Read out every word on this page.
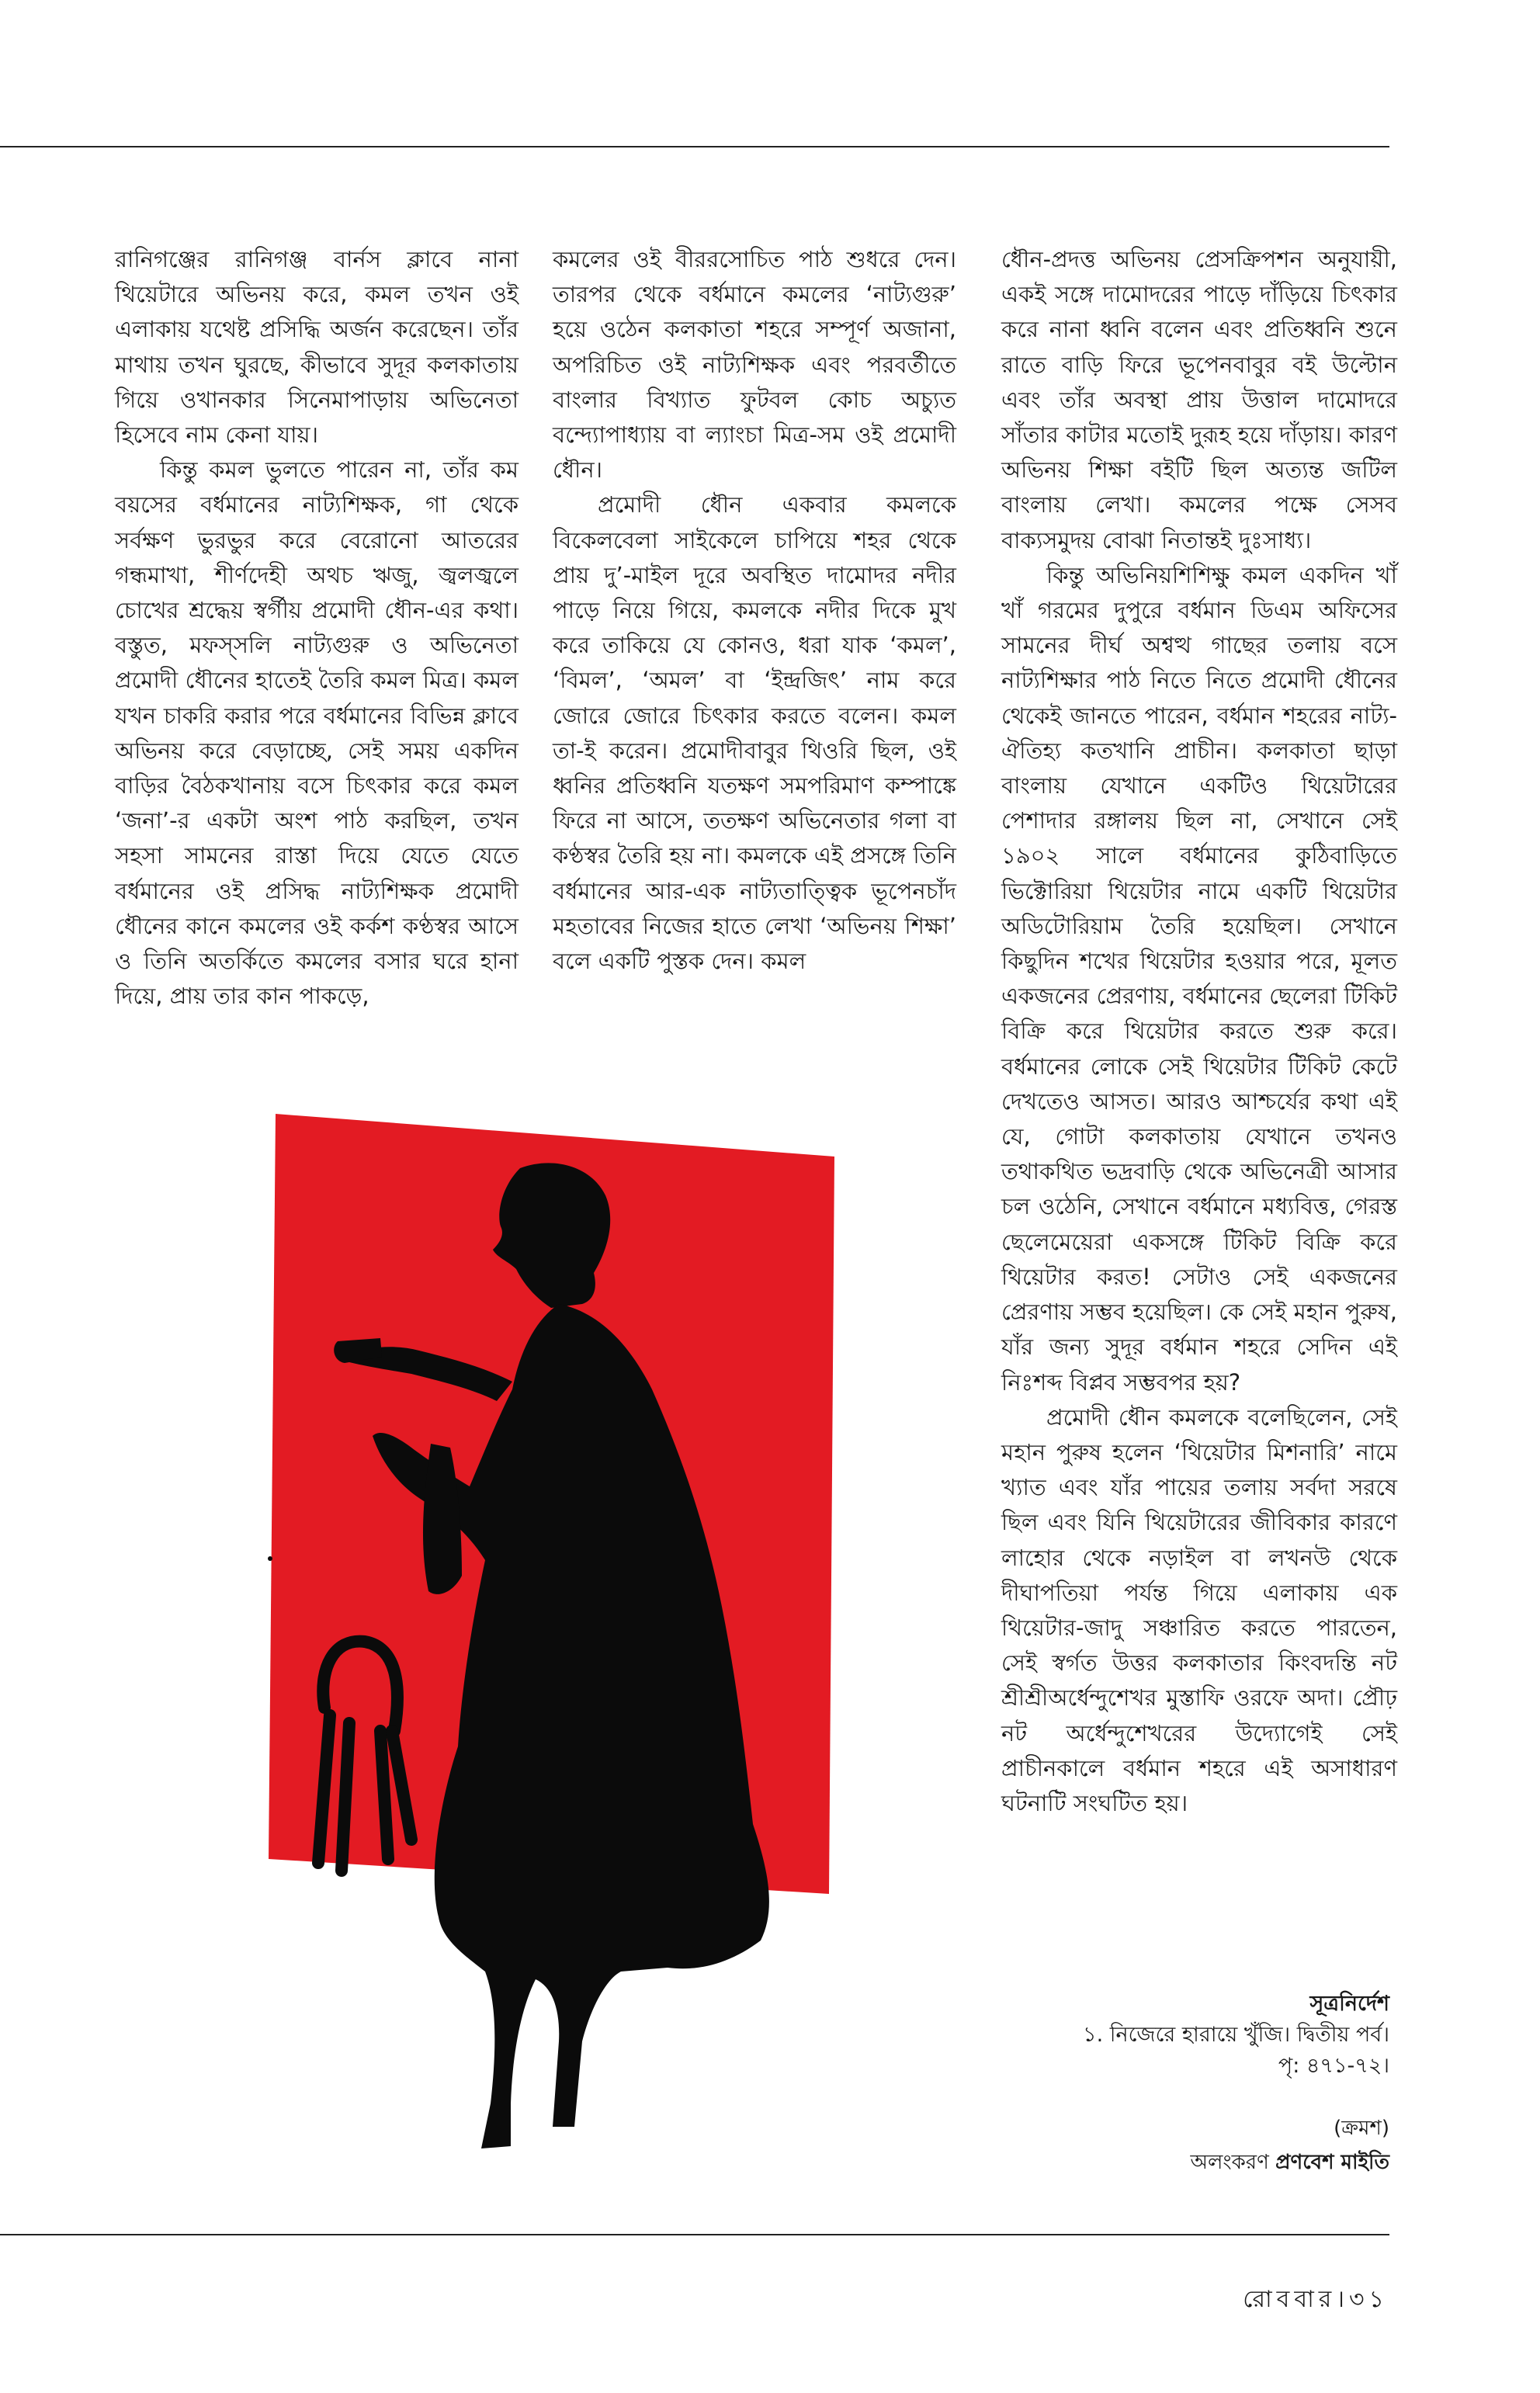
রানিগঞ্জের রানিগঞ্জ বার্নস ক্লাবে নানা থিয়েটারে অভিনয় করে, কমল তখন ওই এলাকায় যথেষ্ট প্রসিদ্ধি অর্জন করেছেন। তাঁর মাথায় তখন ঘুরছে, কীভাবে সুদূর কলকাতায় গিয়ে ওখানকার সিনেমাপাড়ায় অভিনেতা হিসেবে নাম কেনা যায়।

কিন্তু কমল ভুলতে পারেন না, তাঁর কম বয়সের বর্ধমানের নাট্যশিক্ষক, গা থেকে সর্বক্ষণ ভুরভুর করে বেরোনো আতরের গন্ধমাখা, শীর্ণদেহী অথচ ঋজু, জ্বলজ্বলে চোখের শ্রদ্ধেয় স্বর্গীয় প্রমোদী ধৌন-এর কথা। বস্তুত, মফস্সলি নাট্যগুরু ও অভিনেতা প্রমোদী ধৌনের হাতেই তৈরি কমল মিত্র। কমল যখন চাকরি করার পরে বর্ধমানের বিভিন্ন ক্লাবে অভিনয় করে বেড়াচ্ছে, সেই সময় একদিন বাড়ির বৈঠকখানায় বসে চিৎকার করে কমল ‘জনা’-র একটা অংশ পাঠ করছিল, তখন সহসা সামনের রাস্তা দিয়ে যেতে যেতে বর্ধমানের ওই প্রসিদ্ধ নাট্যশিক্ষক প্রমোদী ধৌনের কানে কমলের ওই কর্কশ কণ্ঠস্বর আসে ও তিনি অতর্কিতে কমলের বসার ঘরে হানা দিয়ে, প্রায় তার কান পাকড়ে,

কমলের ওই বীররসোচিত পাঠ শুধরে দেন। তারপর থেকে বর্ধমানে কমলের ‘নাট্যগুরু’ হয়ে ওঠেন কলকাতা শহরে সম্পূর্ণ অজানা, অপরিচিত ওই নাট্যশিক্ষক এবং পরবর্তীতে বাংলার বিখ্যাত ফুটবল কোচ অচ্যুত বন্দ্যোপাধ্যায় বা ল্যাংচা মিত্র-সম ওই প্রমোদী ধৌন।

প্রমোদী ধৌন একবার কমলকে বিকেলবেলা সাইকেলে চাপিয়ে শহর থেকে প্রায় দু’-মাইল দূরে অবস্থিত দামোদর নদীর পাড়ে নিয়ে গিয়ে, কমলকে নদীর দিকে মুখ করে তাকিয়ে যে কোনও, ধরা যাক ‘কমল’, ‘বিমল’, ‘অমল’ বা ‘ইন্দ্রজিৎ’ নাম করে জোরে জোরে চিৎকার করতে বলেন। কমল তা-ই করেন। প্রমোদীবাবুর থিওরি ছিল, ওই ধ্বনির প্রতিধ্বনি যতক্ষণ সমপরিমাণ কম্পাঙ্কে ফিরে না আসে, ততক্ষণ অভিনেতার গলা বা কণ্ঠস্বর তৈরি হয় না। কমলকে এই প্রসঙ্গে তিনি বর্ধমানের আর-এক নাট্যতাত্ত্বিক ভূপেনচাঁদ মহতাবের নিজের হাতে লেখা ‘অভিনয় শিক্ষা’ বলে একটি পুস্তক দেন। কমল

ধৌন-প্রদত্ত অভিনয় প্রেসক্রিপশন অনুযায়ী, একই সঙ্গে দামোদরের পাড়ে দাঁড়িয়ে চিৎকার করে নানা ধ্বনি বলেন এবং প্রতিধ্বনি শুনে রাতে বাড়ি ফিরে ভূপেনবাবুর বই উল্টোন এবং তাঁর অবস্থা প্রায় উত্তাল দামোদরে সাঁতার কাটার মতোই দুরূহ হয়ে দাঁড়ায়। কারণ অভিনয় শিক্ষা বইটি ছিল অত্যন্ত জটিল বাংলায় লেখা। কমলের পক্ষে সেসব বাক্যসমুদয় বোঝা নিতান্তই দুঃসাধ্য।

কিন্তু অভিনিয়শিশিক্ষু কমল একদিন খাঁ খাঁ গরমের দুপুরে বর্ধমান ডিএম অফিসের সামনের দীর্ঘ অশ্বত্থ গাছের তলায় বসে নাট্যশিক্ষার পাঠ নিতে নিতে প্রমোদী ধৌনের থেকেই জানতে পারেন, বর্ধমান শহরের নাট্য-ঐতিহ্য কতখানি প্রাচীন। কলকাতা ছাড়া বাংলায় যেখানে একটিও থিয়েটারের পেশাদার রঙ্গালয় ছিল না, সেখানে সেই ১৯০২ সালে বর্ধমানের কুঠিবাড়িতে ভিক্টোরিয়া থিয়েটার নামে একটি থিয়েটার অডিটোরিয়াম তৈরি হয়েছিল। সেখানে কিছুদিন শখের থিয়েটার হওয়ার পরে, মূলত একজনের প্রেরণায়, বর্ধমানের ছেলেরা টিকিট বিক্রি করে থিয়েটার করতে শুরু করে। বর্ধমানের লোকে সেই থিয়েটার টিকিট কেটে দেখতেও আসত। আরও আশ্চর্যের কথা এই যে, গোটা কলকাতায় যেখানে তখনও তথাকথিত ভদ্রবাড়ি থেকে অভিনেত্রী আসার চল ওঠেনি, সেখানে বর্ধমানে মধ্যবিত্ত, গেরস্ত ছেলেমেয়েরা একসঙ্গে টিকিট বিক্রি করে থিয়েটার করত! সেটাও সেই একজনের প্রেরণায় সম্ভব হয়েছিল। কে সেই মহান পুরুষ, যাঁর জন্য সুদূর বর্ধমান শহরে সেদিন এই নিঃশব্দ বিপ্লব সম্ভবপর হয়?

প্রমোদী ধৌন কমলকে বলেছিলেন, সেই মহান পুরুষ হলেন ‘থিয়েটার মিশনারি’ নামে খ্যাত এবং যাঁর পায়ের তলায় সর্বদা সরষে ছিল এবং যিনি থিয়েটারের জীবিকার কারণে লাহোর থেকে নড়াইল বা লখনউ থেকে দীঘাপতিয়া পর্যন্ত গিয়ে এলাকায় এক থিয়েটার-জাদু সঞ্চারিত করতে পারতেন, সেই স্বর্গত উত্তর কলকাতার কিংবদন্তি নট শ্রীশ্রীঅর্ধেন্দুশেখর মুস্তাফি ওরফে অদা। প্রৌঢ় নট অর্ধেন্দুশেখরের উদ্যোগেই সেই প্রাচীনকালে বর্ধমান শহরে এই অসাধারণ ঘটনাটি সংঘটিত হয়।

সূত্রনির্দেশ
১. নিজেরে হারায়ে খুঁজি। দ্বিতীয় পর্ব।
পৃ: ৪৭১-৭২।
(ক্রমশ)
অলংকরণ প্রণবেশ মাইতি
রোববার।৩১
